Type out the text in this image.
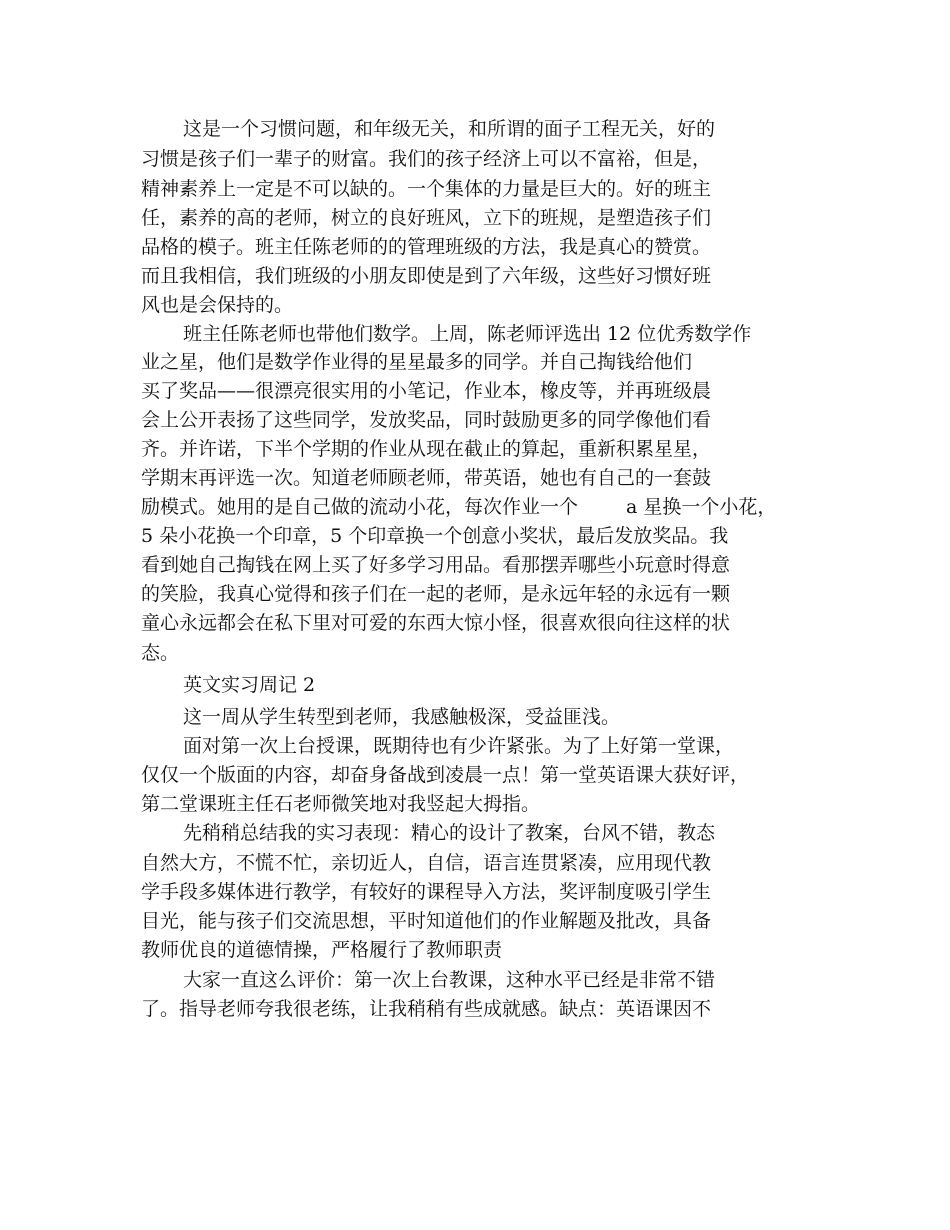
这是一个习惯问题，和年级无关，和所谓的面子工程无关，好的
习惯是孩子们一辈子的财富。我们的孩子经济上可以不富裕，但是，
精神素养上一定是不可以缺的。一个集体的力量是巨大的。好的班主
任，素养的高的老师，树立的良好班风，立下的班规，是塑造孩子们
品格的模子。班主任陈老师的的管理班级的方法，我是真心的赞赏。
而且我相信，我们班级的小朋友即使是到了六年级，这些好习惯好班
风也是会保持的。
班主任陈老师也带他们数学。上周，陈老师评选出 12 位优秀数学作
业之星，他们是数学作业得的星星最多的同学。并自己掏钱给他们
买了奖品——很漂亮很实用的小笔记，作业本，橡皮等，并再班级晨
会上公开表扬了这些同学，发放奖品，同时鼓励更多的同学像他们看
齐。并许诺，下半个学期的作业从现在截止的算起，重新积累星星，
学期末再评选一次。知道老师顾老师，带英语，她也有自己的一套鼓
励模式。她用的是自己做的流动小花，每次作业一个	a 星换一个小花，
5 朵小花换一个印章，5 个印章换一个创意小奖状，最后发放奖品。我
看到她自己掏钱在网上买了好多学习用品。看那摆弄哪些小玩意时得意
的笑脸，我真心觉得和孩子们在一起的老师，是永远年轻的永远有一颗
童心永远都会在私下里对可爱的东西大惊小怪，很喜欢很向往这样的状
态。
英文实习周记 2
这一周从学生转型到老师，我感触极深，受益匪浅。
面对第一次上台授课，既期待也有少许紧张。为了上好第一堂课，
仅仅一个版面的内容，却奋身备战到凌晨一点！第一堂英语课大获好评，
第二堂课班主任石老师微笑地对我竖起大拇指。
先稍稍总结我的实习表现：精心的设计了教案，台风不错，教态
自然大方，不慌不忙，亲切近人，自信，语言连贯紧凑，应用现代教
学手段多媒体进行教学，有较好的课程导入方法，奖评制度吸引学生
目光，能与孩子们交流思想，平时知道他们的作业解题及批改，具备
教师优良的道德情操，严格履行了教师职责
大家一直这么评价：第一次上台教课，这种水平已经是非常不错
了。指导老师夸我很老练，让我稍稍有些成就感。缺点：英语课因不
